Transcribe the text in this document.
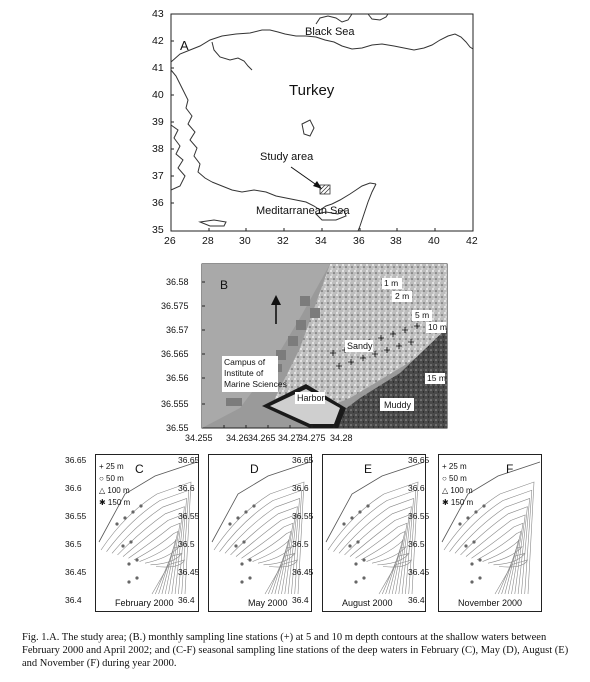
A
Black Sea
Turkey
Study area
Meditarranean Sea
26	28 30	32	34	36 38	40	42
43
42
41
40
39
38
37
36
35
B	1 m
2 m
5 m
10 m
15 m
Sandy
Muddy
Harbor
Campus of
Institute of
Marine Sciences
36.58
36.575
36.57
36.565
36.56
36.555
36.55
34.255 34.26 34.265 34.27
34.275 34.28
C
February 2000
+ 25 m
○ 50 m
△ 100 m
✱ 150 m
36.65
36.6
36.55
36.5
36.45
36.4
D
May 2000
36.65
36.6
36.55
36.5
36.45
36.4
E
August 2000
36.65
36.6
36.55
36.5
36.45
36.4
F
November 2000
+ 25 m
○ 50 m
△ 100 m
✱ 150 m
36.65
36.6
36.55
36.5
36.45
36.4
Fig. 1.A. The study area; (B.) monthly sampling line stations (+) at 5 and 10 m depth contours at the shallow waters between February 2000 and April 2002; and (C-F) seasonal sampling line stations of the deep waters in February (C), May (D), August (E) and November (F) during year 2000.
